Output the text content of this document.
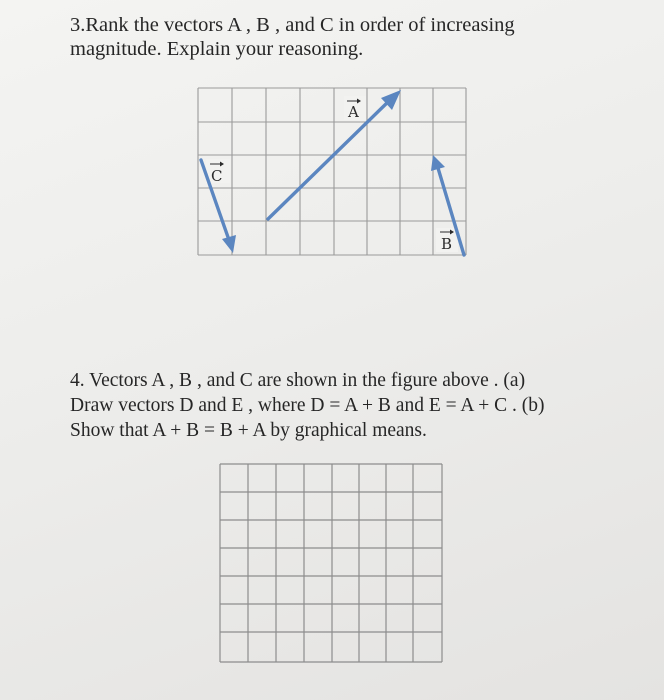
3.Rank the vectors A , B , and C in order of increasing
magnitude. Explain your reasoning.

A
C
B

4. Vectors A , B , and C are shown in the figure above . (a)
Draw vectors D and E , where D = A + B and E = A + C . (b)
Show that A + B = B + A by graphical means.
